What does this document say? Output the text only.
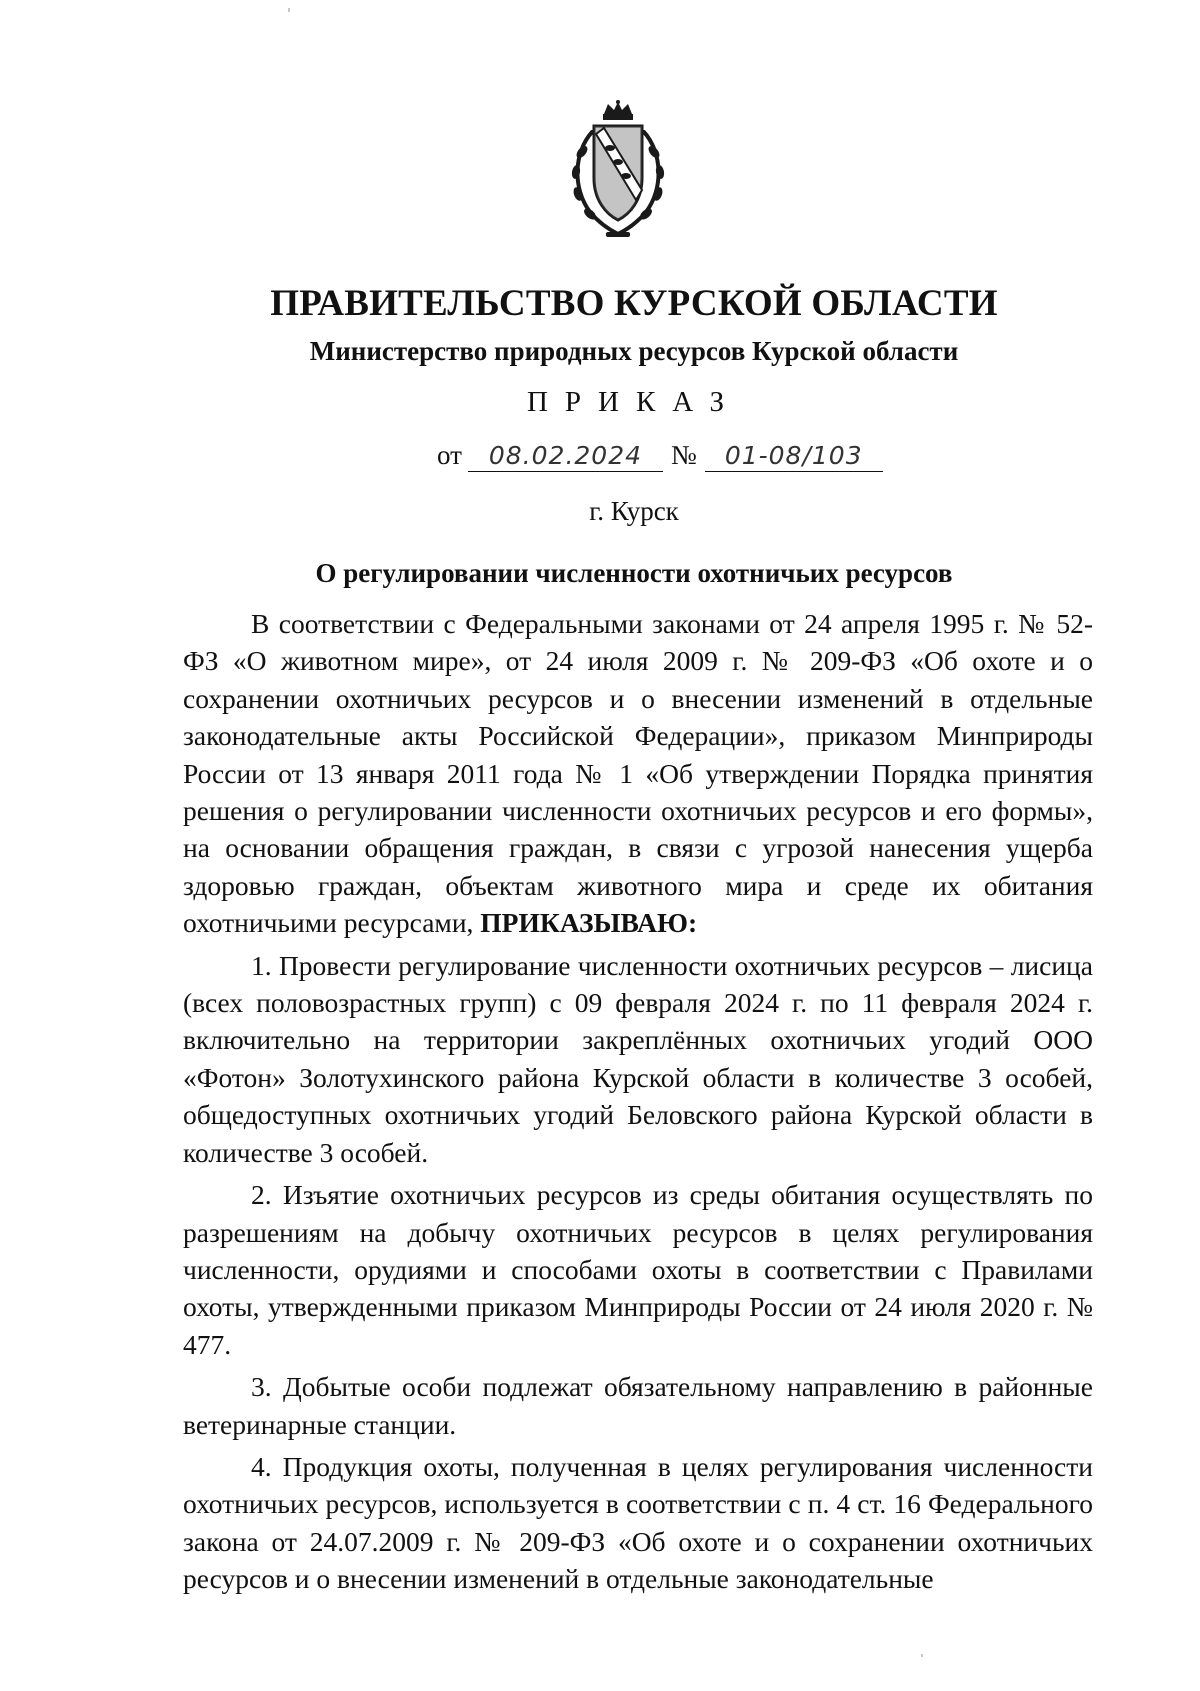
ПРАВИТЕЛЬСТВО КУРСКОЙ ОБЛАСТИ
Министерство природных ресурсов Курской области
ПРИКАЗ
от 08.02.2024 № 01-08/103
г. Курск
О регулировании численности охотничьих ресурсов

В соответствии с Федеральными законами от 24 апреля 1995 г. № 52-ФЗ «О животном мире», от 24 июля 2009 г. № 209-ФЗ «Об охоте и о сохранении охотничьих ресурсов и о внесении изменений в отдельные законодательные акты Российской Федерации», приказом Минприроды России от 13 января 2011 года № 1 «Об утверждении Порядка принятия решения о регулировании численности охотничьих ресурсов и его формы», на основании обращения граждан, в связи с угрозой нанесения ущерба здоровью граждан, объектам животного мира и среде их обитания охотничьими ресурсами, ПРИКАЗЫВАЮ:

1. Провести регулирование численности охотничьих ресурсов – лисица (всех половозрастных групп) с 09 февраля 2024 г. по 11 февраля 2024 г. включительно на территории закреплённых охотничьих угодий ООО «Фотон» Золотухинского района Курской области в количестве 3 особей, общедоступных охотничьих угодий Беловского района Курской области в количестве 3 особей.

2. Изъятие охотничьих ресурсов из среды обитания осуществлять по разрешениям на добычу охотничьих ресурсов в целях регулирования численности, орудиями и способами охоты в соответствии с Правилами охоты, утвержденными приказом Минприроды России от 24 июля 2020 г. № 477.

3. Добытые особи подлежат обязательному направлению в районные ветеринарные станции.

4. Продукция охоты, полученная в целях регулирования численности охотничьих ресурсов, используется в соответствии с п. 4 ст. 16 Федерального закона от 24.07.2009 г. № 209-ФЗ «Об охоте и о сохранении охотничьих ресурсов и о внесении изменений в отдельные законодательные
